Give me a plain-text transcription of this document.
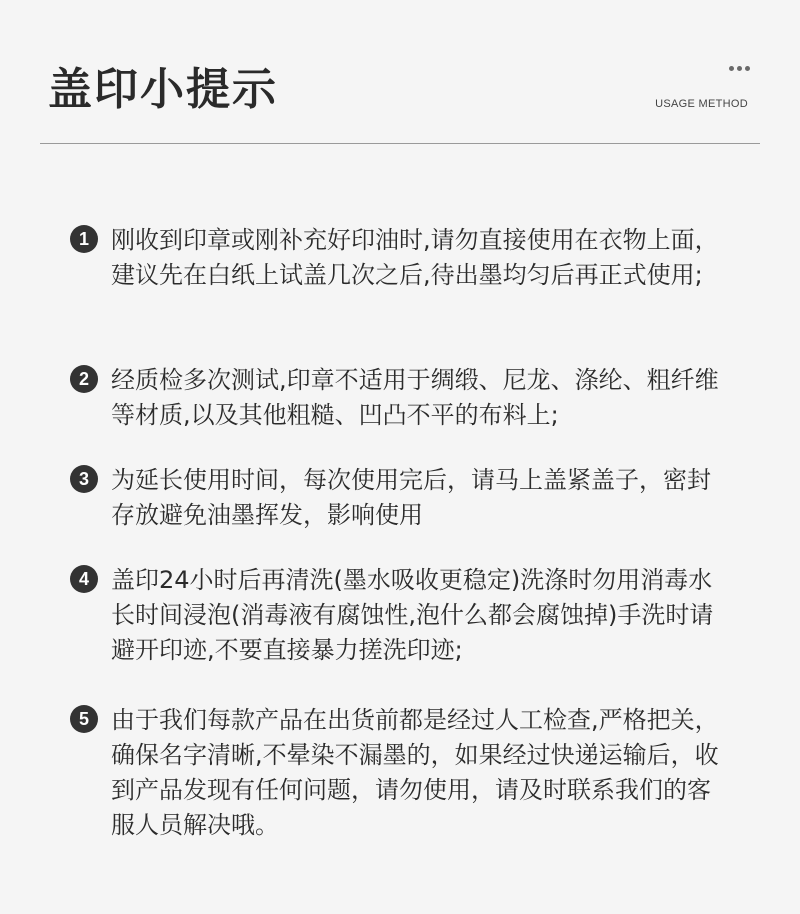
盖印小提示	USAGE METHOD
1 刚收到印章或刚补充好印油时,请勿直接使用在衣物上面，建议先在白纸上试盖几次之后,待出墨均匀后再正式使用;

2 经质检多次测试,印章不适用于绸缎、尼龙、涤纶、粗纤维等材质,以及其他粗糙、凹凸不平的布料上;

3 为延长使用时间，每次使用完后，请马上盖紧盖子，密封存放避免油墨挥发，影响使用

4 盖印24小时后再清洗(墨水吸收更稳定)洗涤时勿用消毒水长时间浸泡(消毒液有腐蚀性,泡什么都会腐蚀掉)手洗时请避开印迹,不要直接暴力搓洗印迹;

5 由于我们每款产品在出货前都是经过人工检查,严格把关，确保名字清晰,不晕染不漏墨的，如果经过快递运输后，收到产品发现有任何问题，请勿使用，请及时联系我们的客服人员解决哦。
